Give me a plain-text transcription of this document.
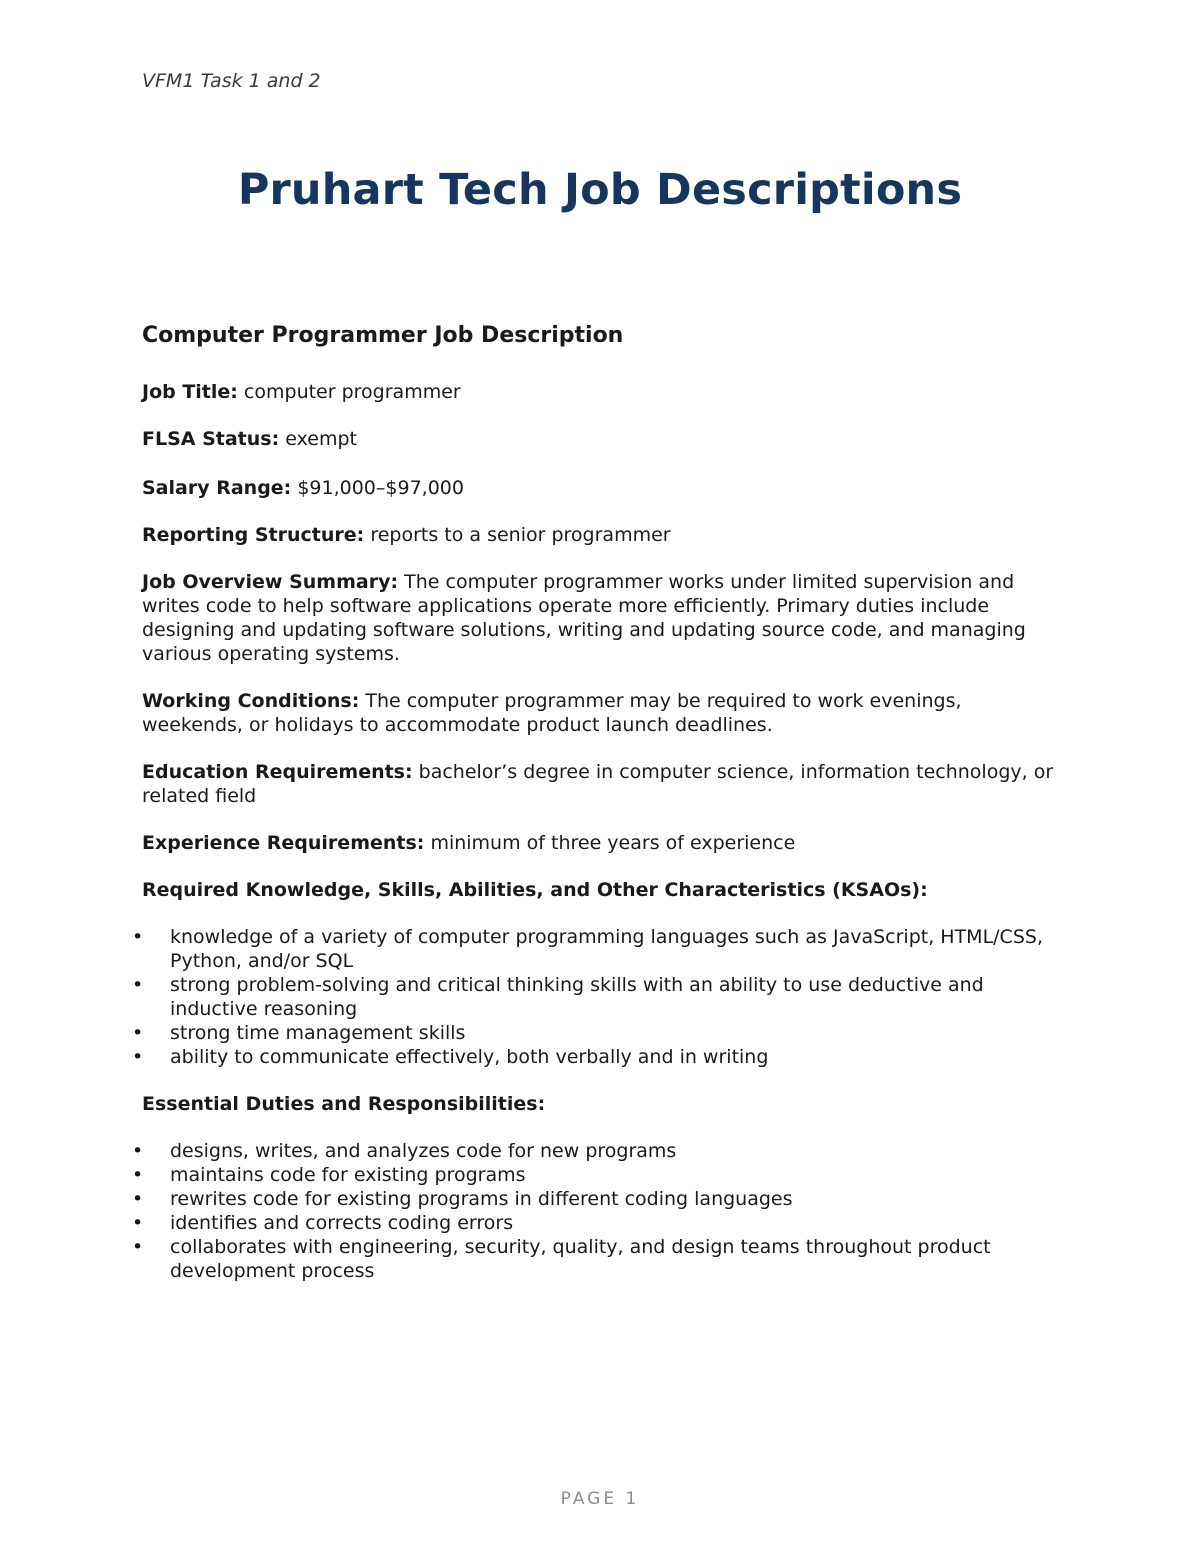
VFM1 Task 1 and 2
Pruhart Tech Job Descriptions
Computer Programmer Job Description
Job Title: computer programmer
FLSA Status: exempt
Salary Range: $91,000–$97,000
Reporting Structure: reports to a senior programmer
Job Overview Summary: The computer programmer works under limited supervision and writes code to help software applications operate more efficiently. Primary duties include designing and updating software solutions, writing and updating source code, and managing various operating systems.
Working Conditions: The computer programmer may be required to work evenings, weekends, or holidays to accommodate product launch deadlines.
Education Requirements: bachelor’s degree in computer science, information technology, or related field
Experience Requirements: minimum of three years of experience
Required Knowledge, Skills, Abilities, and Other Characteristics (KSAOs):
• knowledge of a variety of computer programming languages such as JavaScript, HTML/CSS, Python, and/or SQL
• strong problem-solving and critical thinking skills with an ability to use deductive and inductive reasoning
• strong time management skills
• ability to communicate effectively, both verbally and in writing
Essential Duties and Responsibilities:
• designs, writes, and analyzes code for new programs
• maintains code for existing programs
• rewrites code for existing programs in different coding languages
• identifies and corrects coding errors
• collaborates with engineering, security, quality, and design teams throughout product development process
PAGE 1
